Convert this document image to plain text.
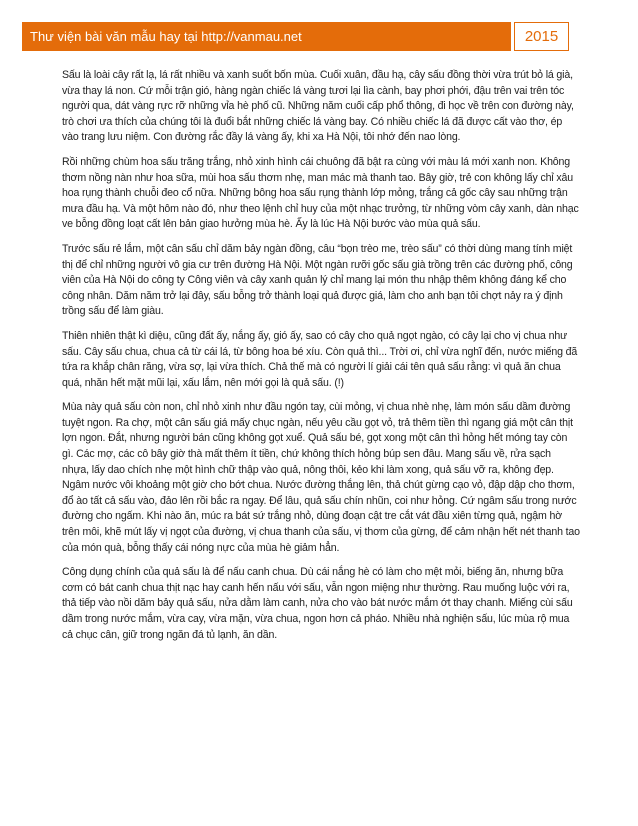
Thư viện bài văn mẫu hay tại http://vanmau.net	2015

Sấu là loài cây rất lạ, lá rất nhiều và xanh suốt bốn mùa. Cuối xuân, đầu hạ, cây sấu đồng thời vừa trút bỏ lá già, vừa thay lá non. Cứ mỗi trận gió, hàng ngàn chiếc lá vàng tươi lại lìa cành, bay phơi phới, đậu trên vai trên tóc người qua, dát vàng rực rỡ những vỉa hè phố cũ. Những năm cuối cấp phổ thông, đi học về trên con đường này, trò chơi ưa thích của chúng tôi là đuổi bắt những chiếc lá vàng bay. Có nhiều chiếc lá đã được cất vào thơ, ép vào trang lưu niệm. Con đường rắc đầy lá vàng ấy, khi xa Hà Nội, tôi nhớ đến nao lòng.

Rồi những chùm hoa sấu trăng trắng, nhỏ xinh hình cái chuông đã bật ra cùng với màu lá mới xanh non. Không thơm nồng nàn như hoa sữa, mùi hoa sấu thơm nhẹ, man mác mà thanh tao. Bây giờ, trẻ con không lấy chỉ xâu hoa rụng thành chuỗi đeo cổ nữa. Những bông hoa sấu rụng thành lớp mỏng, trắng cả gốc cây sau những trận mưa đầu hạ. Và một hôm nào đó, như theo lệnh chỉ huy của một nhạc trưởng, từ những vòm cây xanh, dàn nhạc ve bỗng đồng loạt cất lên bản giao hưởng mùa hè. Ấy là lúc Hà Nội bước vào mùa quả sấu.

Trước sấu rẻ lắm, một cân sấu chỉ dăm bảy ngàn đồng, câu “bọn trèo me, trèo sấu” có thời dùng mang tính miệt thị để chỉ những người vô gia cư trên đường Hà Nội. Một ngàn rưỡi gốc sấu già trồng trên các đường phố, công viên của Hà Nội do công ty Công viên và cây xanh quản lý chỉ mang lại món thu nhập thêm không đáng kể cho công nhân. Dăm năm trở lại đây, sấu bỗng trở thành loại quả được giá, làm cho anh bạn tôi chợt nảy ra ý định trồng sấu để làm giàu.

Thiên nhiên thật kì diệu, cũng đất ấy, nắng ấy, gió ấy, sao có cây cho quả ngọt ngào, có cây lại cho vị chua như sấu. Cây sấu chua, chua cả từ cái lá, từ bông hoa bé xíu. Còn quả thì... Trời ơi, chỉ vừa nghĩ đến, nước miếng đã tứa ra khắp chân răng, vừa sợ, lại vừa thích. Chả thế mà có người lí giải cái tên quả sấu rằng: vì quả ăn chua quá, nhăn hết mặt mũi lại, xấu lắm, nên mới gọi là quả sấu. (!)

Mùa này quả sấu còn non, chỉ nhỏ xinh như đầu ngón tay, cùi mỏng, vị chua nhè nhẹ, làm món sấu dầm đường tuyệt ngon. Ra chợ, một cân sấu giá mấy chục ngàn, nếu yêu cầu gọt vỏ, trả thêm tiền thì ngang giá một cân thịt lợn ngon. Đắt, nhưng người bán cũng không gọt xuể. Quả sấu bé, gọt xong một cân thì hỏng hết móng tay còn gì. Các mợ, các cô bây giờ thà mất thêm ít tiền, chứ không thích hỏng búp sen đâu. Mang sấu về, rửa sạch nhựa, lấy dao chích nhẹ một hình chữ thập vào quả, nông thôi, kẻo khi làm xong, quả sấu vỡ ra, không đẹp. Ngâm nước vôi khoảng một giờ cho bớt chua. Nước đường thắng lên, thả chút gừng cạo vỏ, đập dập cho thơm, đổ ào tất cả sấu vào, đảo lên rồi bắc ra ngay. Để lâu, quả sấu chín nhũn, coi như hỏng. Cứ ngâm sấu trong nước đường cho ngấm. Khi nào ăn, múc ra bát sứ trắng nhỏ, dùng đoạn cật tre cắt vát đầu xiên từng quả, ngậm hờ trên môi, khẽ mút lấy vị ngọt của đường, vị chua thanh của sấu, vị thơm của gừng, để cảm nhận hết nét thanh tao của món quà, bỗng thấy cái nóng nực của mùa hè giảm hẳn.

Công dụng chính của quả sấu là để nấu canh chua. Dù cái nắng hè có làm cho mệt mỏi, biếng ăn, nhưng bữa cơm có bát canh chua thịt nạc hay canh hến nấu với sấu, vẫn ngon miệng như thường. Rau muống luộc với ra, thả tiếp vào nồi dăm bảy quả sấu, nửa dằm làm canh, nửa cho vào bát nước mắm ớt thay chanh. Miếng cùi sấu dầm trong nước mắm, vừa cay, vừa mặn, vừa chua, ngon hơn cả pháo. Nhiều nhà nghiện sấu, lúc mùa rộ mua cả chục cân, giữ trong ngăn đá tủ lạnh, ăn dần.
